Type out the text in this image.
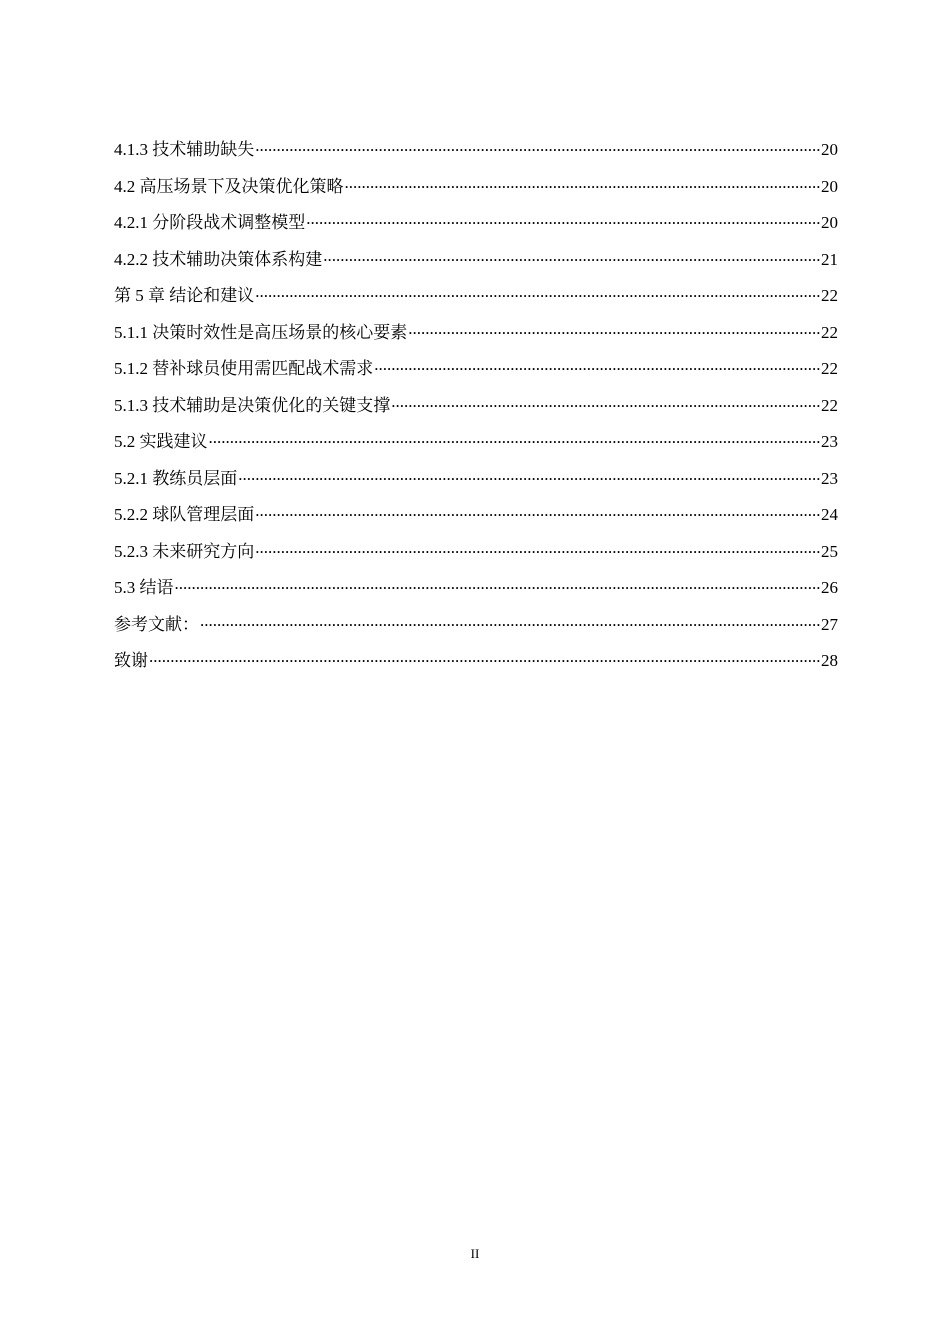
4.1.3 技术辅助缺失 .....	20
4.2 高压场景下及决策优化策略 .....	20
4.2.1 分阶段战术调整模型 .....	20
4.2.2 技术辅助决策体系构建 .....	21
第 5 章 结论和建议 .....	22
5.1.1 决策时效性是高压场景的核心要素 .....	22
5.1.2 替补球员使用需匹配战术需求 .....	22
5.1.3 技术辅助是决策优化的关键支撑 .....	22
5.2 实践建议 .....	23
5.2.1 教练员层面 .....	23
5.2.2 球队管理层面 .....	24
5.2.3 未来研究方向 .....	25
5.3 结语 .....	26
参考文献： .....	27
致谢 .....	28
II
